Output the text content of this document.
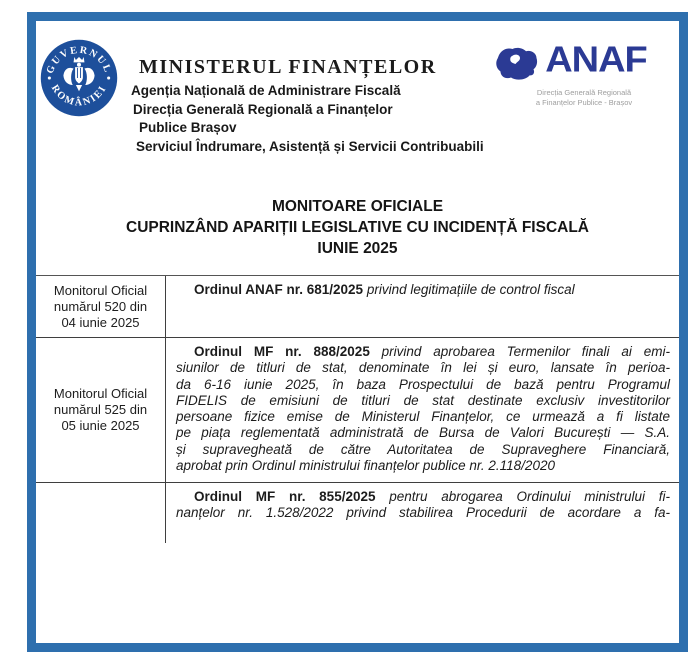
GUVERNUL
ROMÂNIEI
MINISTERUL FINANȚELOR
Agenția Națională de Administrare Fiscală
Direcția Generală Regională a Finanțelor
Publice Brașov
Serviciul Îndrumare, Asistență și Servicii Contribuabili
ANAF
Direcția Generală Regională
a Finanțelor Publice - Brașov
MONITOARE OFICIALE
CUPRINZÂND APARIȚII LEGISLATIVE CU INCIDENȚĂ FISCALĂ
IUNIE 2025
Monitorul Oficial
numărul 520 din
04 iunie 2025
Ordinul ANAF nr. 681/2025 privind legitimațiile de control fiscal
Monitorul Oficial
numărul 525 din
05 iunie 2025
Ordinul MF nr. 888/2025 privind aprobarea Termenilor finali ai emi-
siunilor de titluri de stat, denominate în lei și euro, lansate în perioa-
da 6-16 iunie 2025, în baza Prospectului de bază pentru Programul
FIDELIS de emisiuni de titluri de stat destinate exclusiv investitorilor
persoane fizice emise de Ministerul Finanțelor, ce urmează a fi listate
pe piața reglementată administrată de Bursa de Valori București — S.A.
și supravegheată de către Autoritatea de Supraveghere Financiară,
aprobat prin Ordinul ministrului finanțelor publice nr. 2.118/2020
Ordinul MF nr. 855/2025 pentru abrogarea Ordinului ministrului fi-
nanțelor nr. 1.528/2022 privind stabilirea Procedurii de acordare a fa-
